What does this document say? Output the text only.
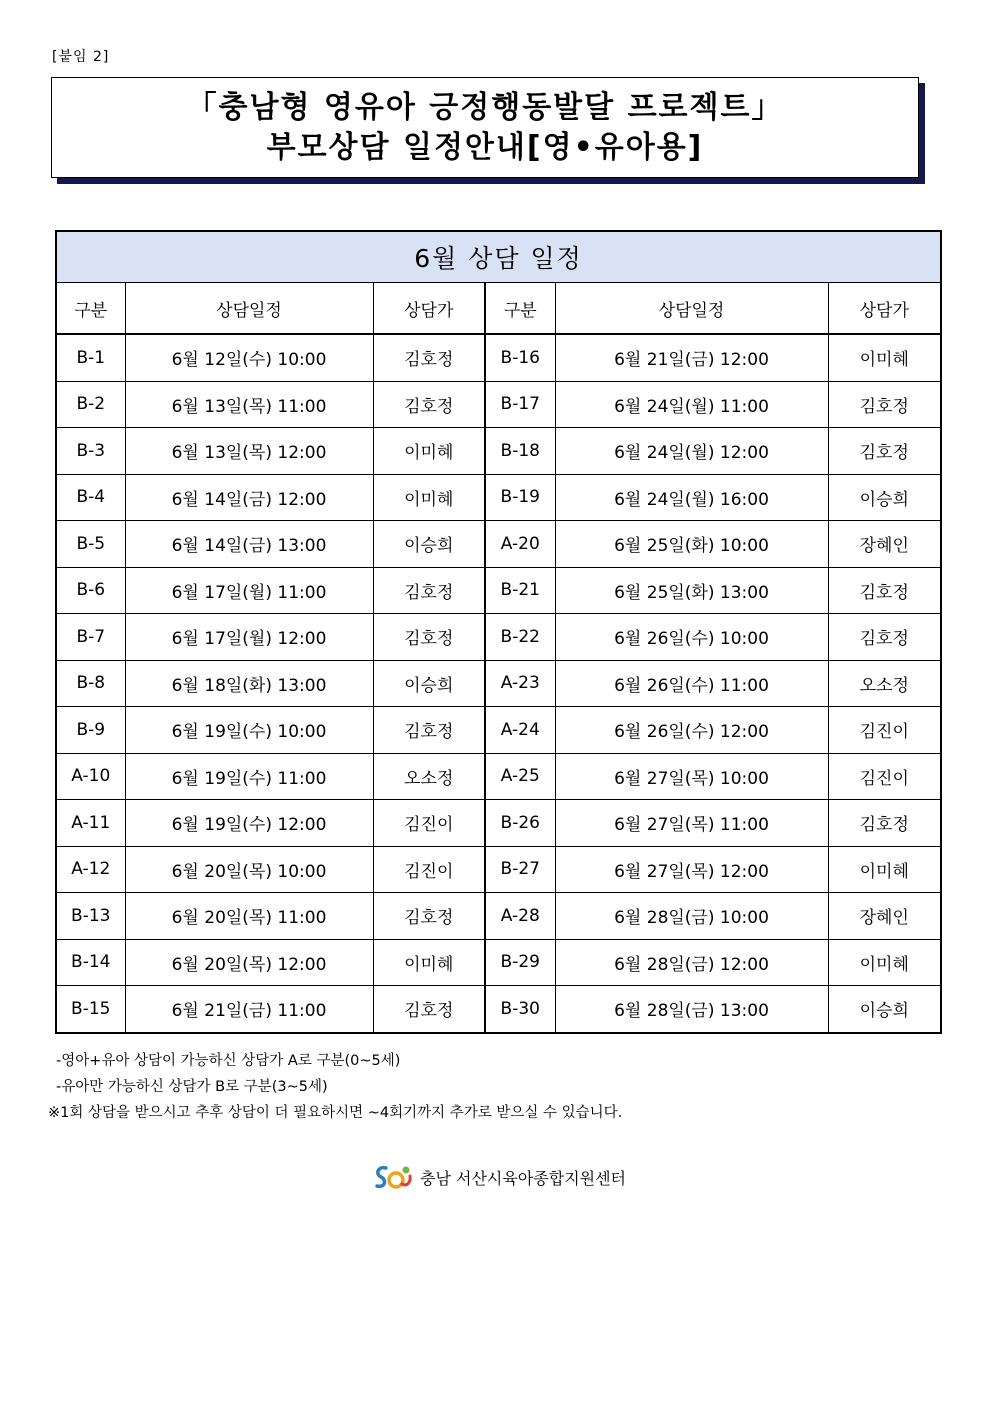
[붙임 2]
「충남형 영유아 긍정행동발달 프로젝트」
부모상담 일정안내[영•유아용]
6월 상담 일정					
구분	상담일정	상담가	구분	상담일정	상담가
B-1	6월 12일(수) 10:00	김호정	B-16	6월 21일(금) 12:00	이미혜
B-2	6월 13일(목) 11:00	김호정	B-17	6월 24일(월) 11:00	김호정
B-3	6월 13일(목) 12:00	이미혜	B-18	6월 24일(월) 12:00	김호정
B-4	6월 14일(금) 12:00	이미혜	B-19	6월 24일(월) 16:00	이승희
B-5	6월 14일(금) 13:00	이승희	A-20	6월 25일(화) 10:00	장혜인
B-6	6월 17일(월) 11:00	김호정	B-21	6월 25일(화) 13:00	김호정
B-7	6월 17일(월) 12:00	김호정	B-22	6월 26일(수) 10:00	김호정
B-8	6월 18일(화) 13:00	이승희	A-23	6월 26일(수) 11:00	오소정
B-9	6월 19일(수) 10:00	김호정	A-24	6월 26일(수) 12:00	김진이
A-10	6월 19일(수) 11:00	오소정	A-25	6월 27일(목) 10:00	김진이
A-11	6월 19일(수) 12:00	김진이	B-26	6월 27일(목) 11:00	김호정
A-12	6월 20일(목) 10:00	김진이	B-27	6월 27일(목) 12:00	이미혜
B-13	6월 20일(목) 11:00	김호정	A-28	6월 28일(금) 10:00	장혜인
B-14	6월 20일(목) 12:00	이미혜	B-29	6월 28일(금) 12:00	이미혜
B-15	6월 21일(금) 11:00	김호정	B-30	6월 28일(금) 13:00	이승희
-영아+유아 상담이 가능하신 상담가 A로 구분(0~5세)
-유아만 가능하신 상담가 B로 구분(3~5세)
※1회 상담을 받으시고 추후 상담이 더 필요하시면 ~4회기까지 추가로 받으실 수 있습니다.
충남 서산시육아종합지원센터
